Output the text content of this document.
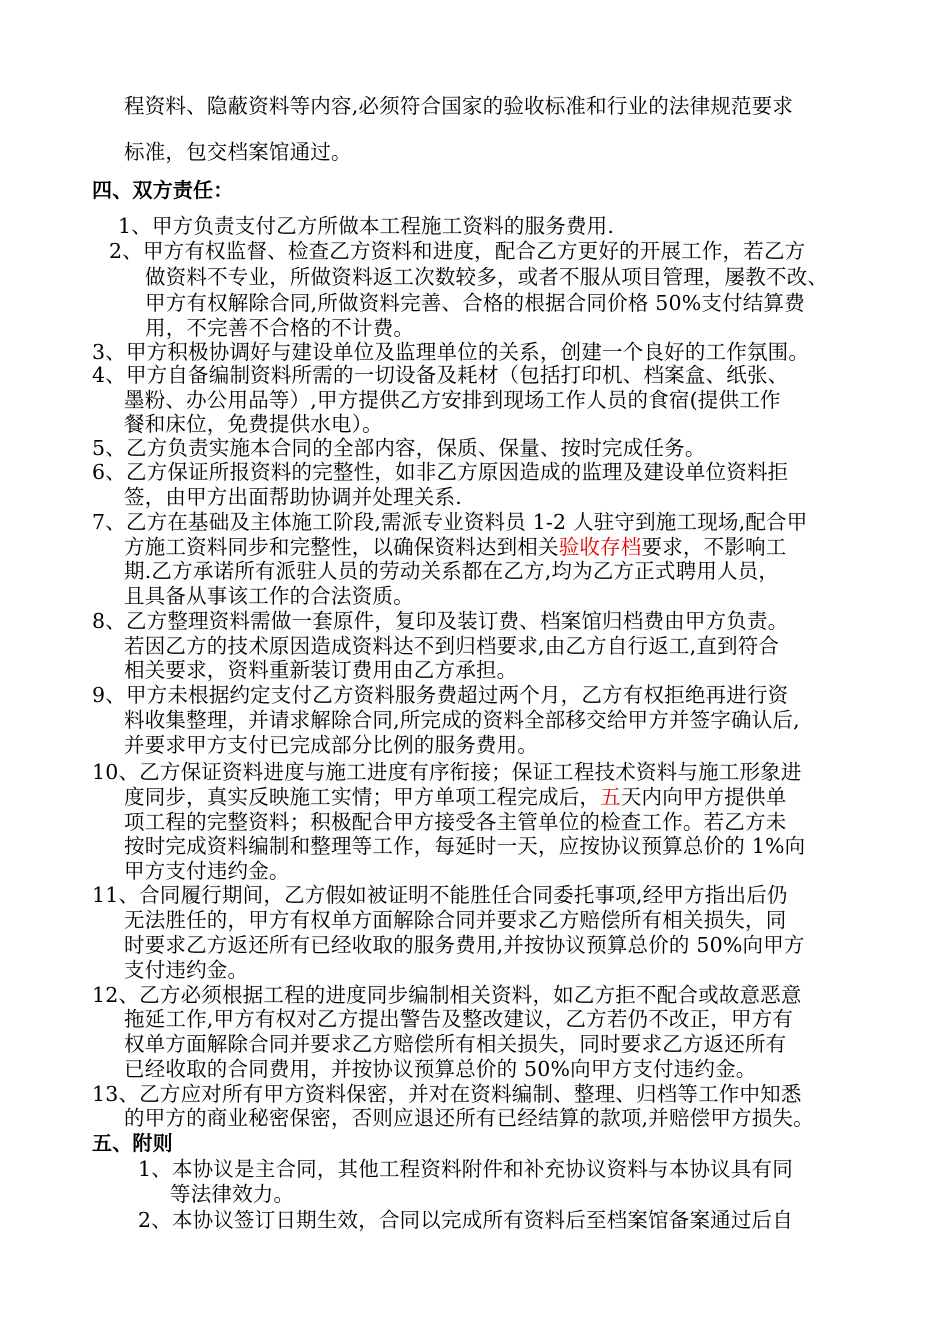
程资料、隐蔽资料等内容,必须符合国家的验收标准和行业的法律规范要求
标准，包交档案馆通过。
四、双方责任：
1、甲方负责支付乙方所做本工程施工资料的服务费用.
2、甲方有权监督、检查乙方资料和进度，配合乙方更好的开展工作，若乙方
做资料不专业，所做资料返工次数较多，或者不服从项目管理，屡教不改、
甲方有权解除合同,所做资料完善、合格的根据合同价格 50%支付结算费
用，不完善不合格的不计费。
3、甲方积极协调好与建设单位及监理单位的关系，创建一个良好的工作氛围。
4、甲方自备编制资料所需的一切设备及耗材（包括打印机、档案盒、纸张、
墨粉、办公用品等）,甲方提供乙方安排到现场工作人员的食宿(提供工作
餐和床位，免费提供水电）。
5、乙方负责实施本合同的全部内容，保质、保量、按时完成任务。
6、乙方保证所报资料的完整性，如非乙方原因造成的监理及建设单位资料拒
签，由甲方出面帮助协调并处理关系.
7、乙方在基础及主体施工阶段,需派专业资料员 1-2 人驻守到施工现场,配合甲
方施工资料同步和完整性，以确保资料达到相关验收存档要求，不影响工
期.乙方承诺所有派驻人员的劳动关系都在乙方,均为乙方正式聘用人员，
且具备从事该工作的合法资质。
8、乙方整理资料需做一套原件，复印及装订费、档案馆归档费由甲方负责。
若因乙方的技术原因造成资料达不到归档要求,由乙方自行返工,直到符合
相关要求，资料重新装订费用由乙方承担。
9、甲方未根据约定支付乙方资料服务费超过两个月，乙方有权拒绝再进行资
料收集整理，并请求解除合同,所完成的资料全部移交给甲方并签字确认后,
并要求甲方支付已完成部分比例的服务费用。
10、乙方保证资料进度与施工进度有序衔接；保证工程技术资料与施工形象进
度同步，真实反映施工实情；甲方单项工程完成后，五天内向甲方提供单
项工程的完整资料；积极配合甲方接受各主管单位的检查工作。若乙方未
按时完成资料编制和整理等工作，每延时一天，应按协议预算总价的 1%向
甲方支付违约金。
11、合同履行期间，乙方假如被证明不能胜任合同委托事项,经甲方指出后仍
无法胜任的，甲方有权单方面解除合同并要求乙方赔偿所有相关损失，同
时要求乙方返还所有已经收取的服务费用,并按协议预算总价的 50%向甲方
支付违约金。
12、乙方必须根据工程的进度同步编制相关资料，如乙方拒不配合或故意恶意
拖延工作,甲方有权对乙方提出警告及整改建议，乙方若仍不改正，甲方有
权单方面解除合同并要求乙方赔偿所有相关损失，同时要求乙方返还所有
已经收取的合同费用，并按协议预算总价的 50%向甲方支付违约金。
13、乙方应对所有甲方资料保密，并对在资料编制、整理、归档等工作中知悉
的甲方的商业秘密保密，否则应退还所有已经结算的款项,并赔偿甲方损失。
五、附则
1、本协议是主合同，其他工程资料附件和补充协议资料与本协议具有同
等法律效力。
2、本协议签订日期生效，合同以完成所有资料后至档案馆备案通过后自
